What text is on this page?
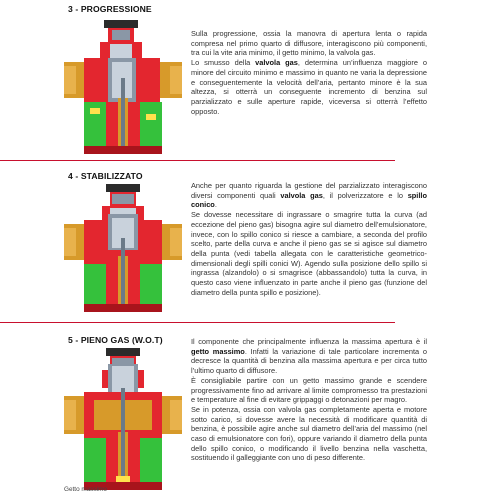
3 - PROGRESSIONE

Sulla progressione, ossia la manovra di apertura lenta o rapida compresa nel primo quarto di diffusore, interagiscono più componenti, tra cui la vite aria minimo, il getto minimo, la valvola gas.

Lo smusso della valvola gas, determina un’influenza maggiore o minore del circuito minimo e massimo in quanto ne varia la depressione e conseguentemente la velocità dell’aria, pertanto minore è la sua altezza, si otterrà un conseguente incremento di benzina sul parzializzato e sulle aperture rapide, viceversa si otterrà l’effetto opposto.

4 - STABILIZZATO

Anche per quanto riguarda la gestione del parzializzato interagiscono diversi componenti quali valvola gas, il polverizzatore e lo spillo conico.

Se dovesse necessitare di ingrassare o smagrire tutta la curva (ad eccezione del pieno gas) bisogna agire sul diametro dell’emulsionatore, invece, con lo spillo conico si riesce a cambiare, a seconda del profilo scelto, parte della curva e anche il pieno gas se si agisce sul diametro della punta (vedi tabella allegata con le caratteristiche geometrico-dimensionali degli spilli conici W). Agendo sulla posizione dello spillo si ingrassa (alzandolo) o si smagrisce (abbassandolo) tutta la curva, in questo caso viene influenzato in parte anche il pieno gas (funzione del diametro della punta spillo e posizione).

5 - PIENO GAS (W.O.T)
Getto massimo

Il componente che principalmente influenza la massima apertura è il getto massimo. Infatti la variazione di tale particolare incrementa o decresce la quantità di benzina alla massima apertura e per circa tutto l’ultimo quarto di diffusore.

È consigliabile partire con un getto massimo grande e scendere progressivamente fino ad arrivare al limite compromesso tra prestazioni e temperature al fine di evitare grippaggi o detonazioni per magro.

Se in potenza, ossia con valvola gas completamente aperta e motore sotto carico, si dovesse avere la necessità di modificare quantità di benzina, è possibile agire anche sul diametro dell’aria del massimo (nel caso di emulsionatore con fori), oppure variando il diametro della punta dello spillo conico, o modificando il livello benzina nella vaschetta, sostituendo il galleggiante con uno di peso differente.
